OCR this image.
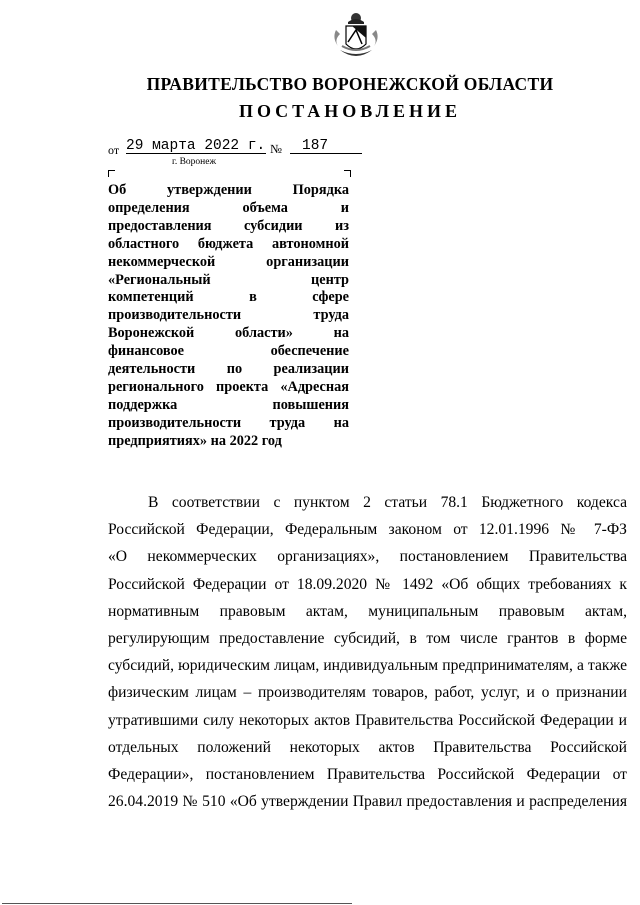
ПРАВИТЕЛЬСТВО ВОРОНЕЖСКОЙ ОБЛАСТИ
ПОСТАНОВЛЕНИЕ
от 29 марта 2022 г. №	187
г. Воронеж
Об утверждении Порядка
определения объема и
предоставления субсидии из
областного бюджета автономной
некоммерческой организации
«Региональный центр
компетенций в сфере
производительности труда
Воронежской области» на
финансовое обеспечение
деятельности по реализации
регионального проекта «Адресная
поддержка повышения
производительности труда на
предприятиях» на 2022 год
В соответствии с пунктом 2 статьи 78.1 Бюджетного кодекса
Российской Федерации, Федеральным законом от 12.01.1996 № 7-ФЗ
«О некоммерческих организациях», постановлением Правительства
Российской Федерации от 18.09.2020 № 1492 «Об общих требованиях к
нормативным правовым актам, муниципальным правовым актам,
регулирующим предоставление субсидий, в том числе грантов в форме
субсидий, юридическим лицам, индивидуальным предпринимателям, а также
физическим лицам – производителям товаров, работ, услуг, и о признании
утратившими силу некоторых актов Правительства Российской Федерации и
отдельных положений некоторых актов Правительства Российской
Федерации», постановлением Правительства Российской Федерации от
26.04.2019 № 510 «Об утверждении Правил предоставления и распределения
